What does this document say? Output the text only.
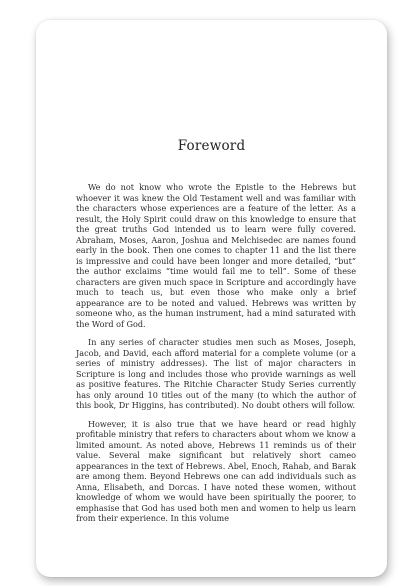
Foreword

We do not know who wrote the Epistle to the Hebrews but whoever it was knew the Old Testament well and was familiar with the characters whose experiences are a feature of the letter. As a result, the Holy Spirit could draw on this knowledge to ensure that the great truths God intended us to learn were fully covered. Abraham, Moses, Aaron, Joshua and Melchisedec are names found early in the book. Then one comes to chapter 11 and the list there is impressive and could have been longer and more detailed, “but” the author exclaims “time would fail me to tell”. Some of these characters are given much space in Scripture and accordingly have much to teach us, but even those who make only a brief appearance are to be noted and valued. Hebrews was written by someone who, as the human instrument, had a mind saturated with the Word of God.

In any series of character studies men such as Moses, Joseph, Jacob, and David, each afford material for a complete volume (or a series of ministry addresses). The list of major characters in Scripture is long and includes those who provide warnings as well as positive features. The Ritchie Character Study Series currently has only around 10 titles out of the many (to which the author of this book, Dr Higgins, has contributed). No doubt others will follow.

However, it is also true that we have heard or read highly profitable ministry that refers to characters about whom we know a limited amount. As noted above, Hebrews 11 reminds us of their value. Several make significant but relatively short cameo appearances in the text of Hebrews. Abel, Enoch, Rahab, and Barak are among them. Beyond Hebrews one can add individuals such as Anna, Elisabeth, and Dorcas. I have noted these women, without knowledge of whom we would have been spiritually the poorer, to emphasise that God has used both men and women to help us learn from their experience. In this volume
